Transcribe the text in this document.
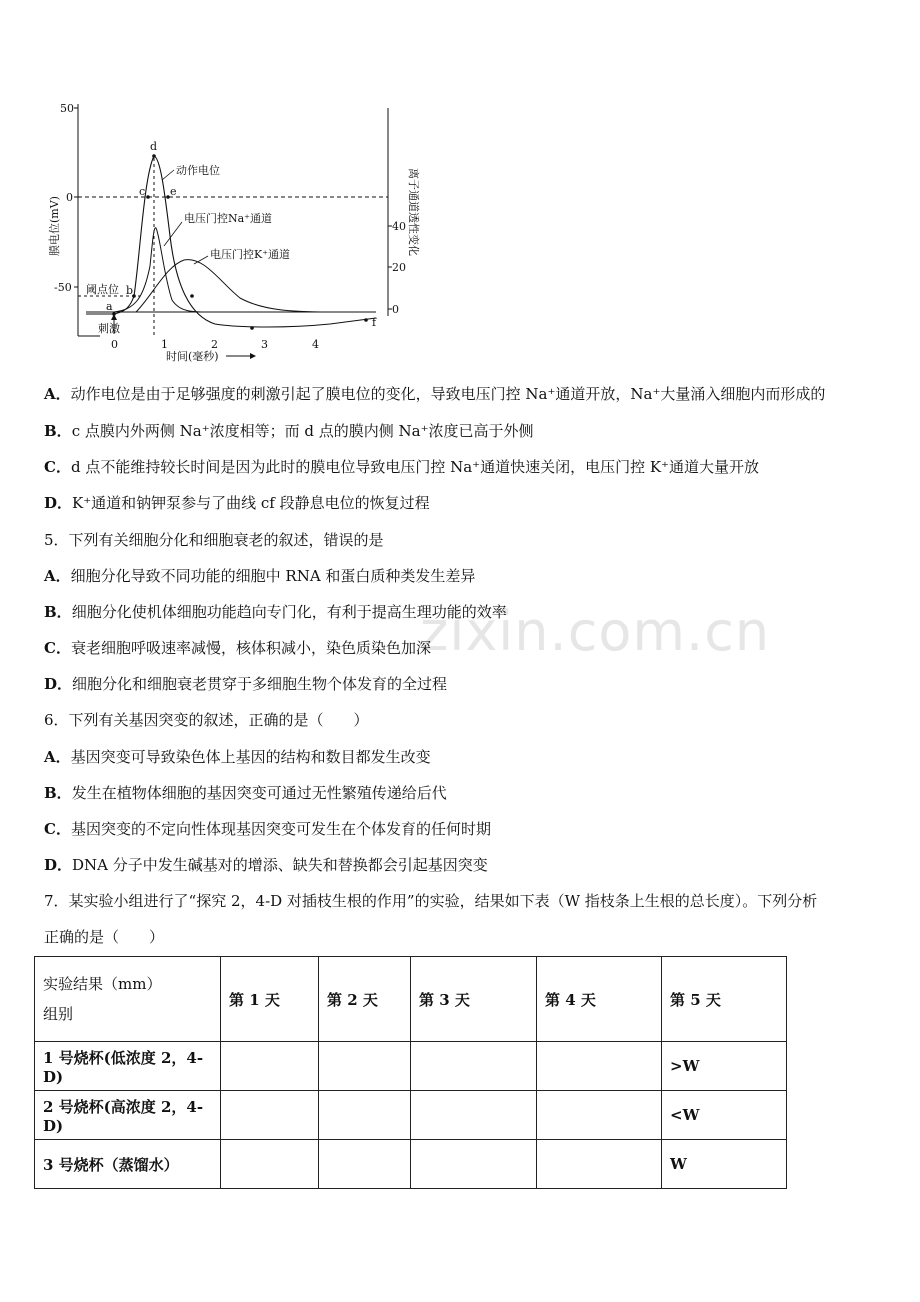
zixin.com.cn
50
0
-50
膜电位(mV)	40
20
0
离子通道透性变化
0	1	2	3	4
时间(毫秒)
阈点位
动作电位
电压门控Na⁺通道
电压门控K⁺通道
a
b
c
d
e
f
刺激
A．动作电位是由于足够强度的刺激引起了膜电位的变化，导致电压门控 Na⁺通道开放，Na⁺大量涌入细胞内而形成的
B．c 点膜内外两侧 Na⁺浓度相等；而 d 点的膜内侧 Na⁺浓度已高于外侧
C．d 点不能维持较长时间是因为此时的膜电位导致电压门控 Na⁺通道快速关闭，电压门控 K⁺通道大量开放
D．K⁺通道和钠钾泵参与了曲线 cf 段静息电位的恢复过程
5．下列有关细胞分化和细胞衰老的叙述，错误的是
A．细胞分化导致不同功能的细胞中 RNA 和蛋白质种类发生差异
B．细胞分化使机体细胞功能趋向专门化，有利于提高生理功能的效率
C．衰老细胞呼吸速率减慢，核体积减小，染色质染色加深
D．细胞分化和细胞衰老贯穿于多细胞生物个体发育的全过程
6．下列有关基因突变的叙述，正确的是（　　）
A．基因突变可导致染色体上基因的结构和数目都发生改变
B．发生在植物体细胞的基因突变可通过无性繁殖传递给后代
C．基因突变的不定向性体现基因突变可发生在个体发育的任何时期
D．DNA 分子中发生碱基对的增添、缺失和替换都会引起基因突变
7．某实验小组进行了“探究 2，4-D 对插枝生根的作用”的实验，结果如下表（W 指枝条上生根的总长度）。下列分析
正确的是（　　）
实验结果（mm）
组别	第 1 天	第 2 天	第 3 天	第 4 天	第 5 天
1 号烧杯(低浓度 2，4-D)					>W
2 号烧杯(高浓度 2，4-D)					<W
3 号烧杯（蒸馏水）					W
